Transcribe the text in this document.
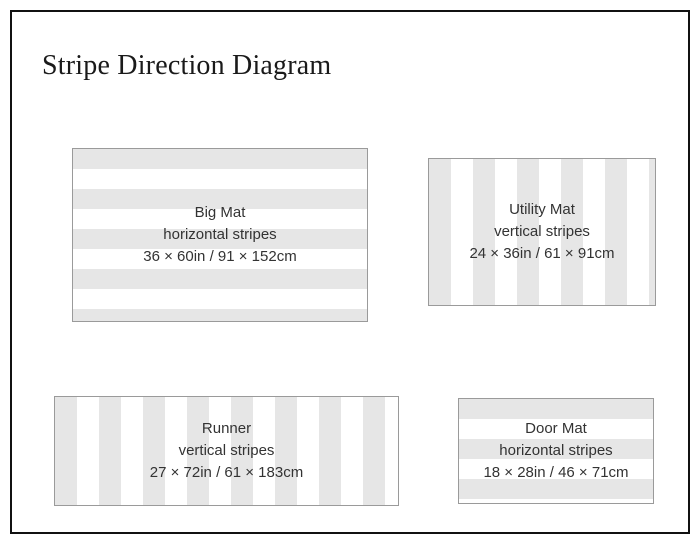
Stripe Direction Diagram
Big Mat
horizontal stripes
36 × 60in / 91 × 152cm
Utility Mat
vertical stripes
24 × 36in / 61 × 91cm
Runner
vertical stripes
27 × 72in / 61 × 183cm
Door Mat
horizontal stripes
18 × 28in / 46 × 71cm
